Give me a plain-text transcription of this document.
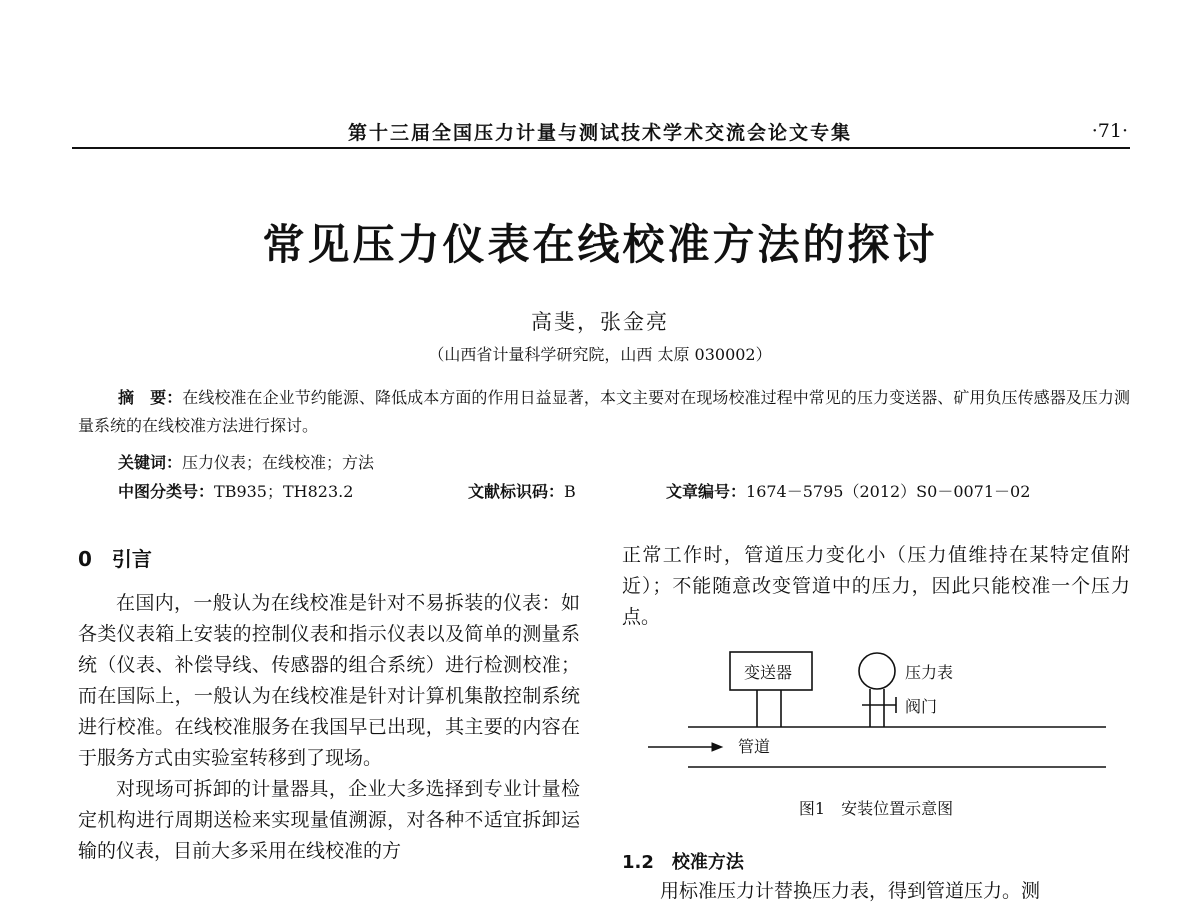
第十三届全国压力计量与测试技术学术交流会论文专集	·71·
常见压力仪表在线校准方法的探讨
高斐，张金亮
（山西省计量科学研究院，山西 太原 030002）
摘　要：在线校准在企业节约能源、降低成本方面的作用日益显著，本文主要对在现场校准过程中常见的压力变送器、矿用负压传感器及压力测量系统的在线校准方法进行探讨。
关键词：压力仪表；在线校准；方法
中图分类号：TB935；TH823.2	文献标识码：B	文章编号：1674－5795（2012）S0－0071－02
0　引言

在国内，一般认为在线校准是针对不易拆装的仪表：如各类仪表箱上安装的控制仪表和指示仪表以及简单的测量系统（仪表、补偿导线、传感器的组合系统）进行检测校准；而在国际上，一般认为在线校准是针对计算机集散控制系统进行校准。在线校准服务在我国早已出现，其主要的内容在于服务方式由实验室转移到了现场。

对现场可拆卸的计量器具，企业大多选择到专业计量检定机构进行周期送检来实现量值溯源，对各种不适宜拆卸运输的仪表，目前大多采用在线校准的方

正常工作时，管道压力变化小（压力值维持在某特定值附近）；不能随意改变管道中的压力，因此只能校准一个压力点。

变送器	压力表
阀门
管道
图1　安装位置示意图
1.2　校准方法

用标准压力计替换压力表，得到管道压力。测
